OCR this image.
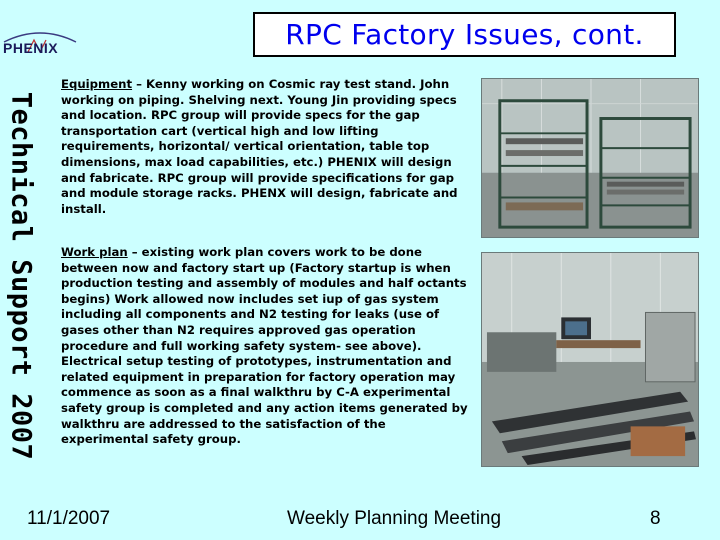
PHENIX	RPC Factory Issues, cont.
Technical Support 2007
Equipment – Kenny working on Cosmic ray test stand. John working on piping. Shelving next. Young Jin providing specs and location. RPC group will provide specs for the gap transportation cart (vertical high and low lifting requirements, horizontal/ vertical orientation, table top dimensions, max load capabilities, etc.) PHENIX will design and fabricate. RPC group will provide specifications for gap and module storage racks. PHENX will design, fabricate and install.
Work plan – existing work plan covers work to be done between now and factory start up (Factory startup is when production testing and assembly of modules and half octants begins) Work allowed now includes set iup of gas system including all components and N2 testing for leaks (use of gases other than N2 requires approved gas operation procedure and full working safety system- see above). Electrical setup testing of prototypes, instrumentation and related equipment in preparation for factory operation may commence as soon as a final walkthru by C-A experimental safety group is completed and any action items generated by walkthru are addressed to the satisfaction of the experimental safety group.
11/1/2007	Weekly Planning Meeting	8
